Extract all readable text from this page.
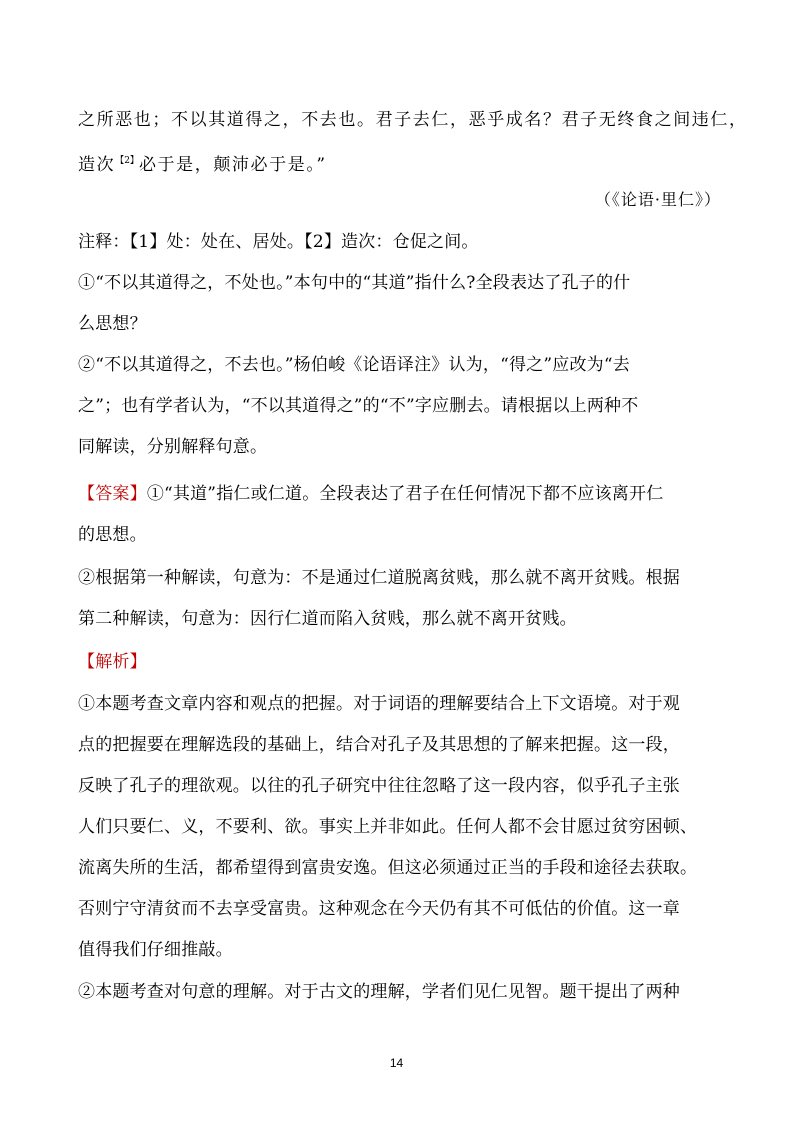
之所恶也；不以其道得之，不去也。君子去仁，恶乎成名？君子无终食之间违仁，
造次$^{【2】}$必于是，颠沛必于是。”
（《论语·里仁》）
注释：【1】处：处在、居处。【2】造次：仓促之间。
①“不以其道得之，不处也。”本句中的“其道”指什么?全段表达了孔子的什
么思想？
②“不以其道得之，不去也。”杨伯峻《论语译注》认为，“得之”应改为“去
之”；也有学者认为，“不以其道得之”的“不”字应删去。请根据以上两种不
同解读，分别解释句意。
【答案】①“其道”指仁或仁道。全段表达了君子在任何情况下都不应该离开仁
的思想。
②根据第一种解读，句意为：不是通过仁道脱离贫贱，那么就不离开贫贱。根据
第二种解读，句意为：因行仁道而陷入贫贱，那么就不离开贫贱。
【解析】
①本题考查文章内容和观点的把握。对于词语的理解要结合上下文语境。对于观
点的把握要在理解选段的基础上，结合对孔子及其思想的了解来把握。这一段，
反映了孔子的理欲观。以往的孔子研究中往往忽略了这一段内容，似乎孔子主张
人们只要仁、义，不要利、欲。事实上并非如此。任何人都不会甘愿过贫穷困顿、
流离失所的生活，都希望得到富贵安逸。但这必须通过正当的手段和途径去获取。
否则宁守清贫而不去享受富贵。这种观念在今天仍有其不可低估的价值。这一章
值得我们仔细推敲。
②本题考查对句意的理解。对于古文的理解，学者们见仁见智。题干提出了两种
14
